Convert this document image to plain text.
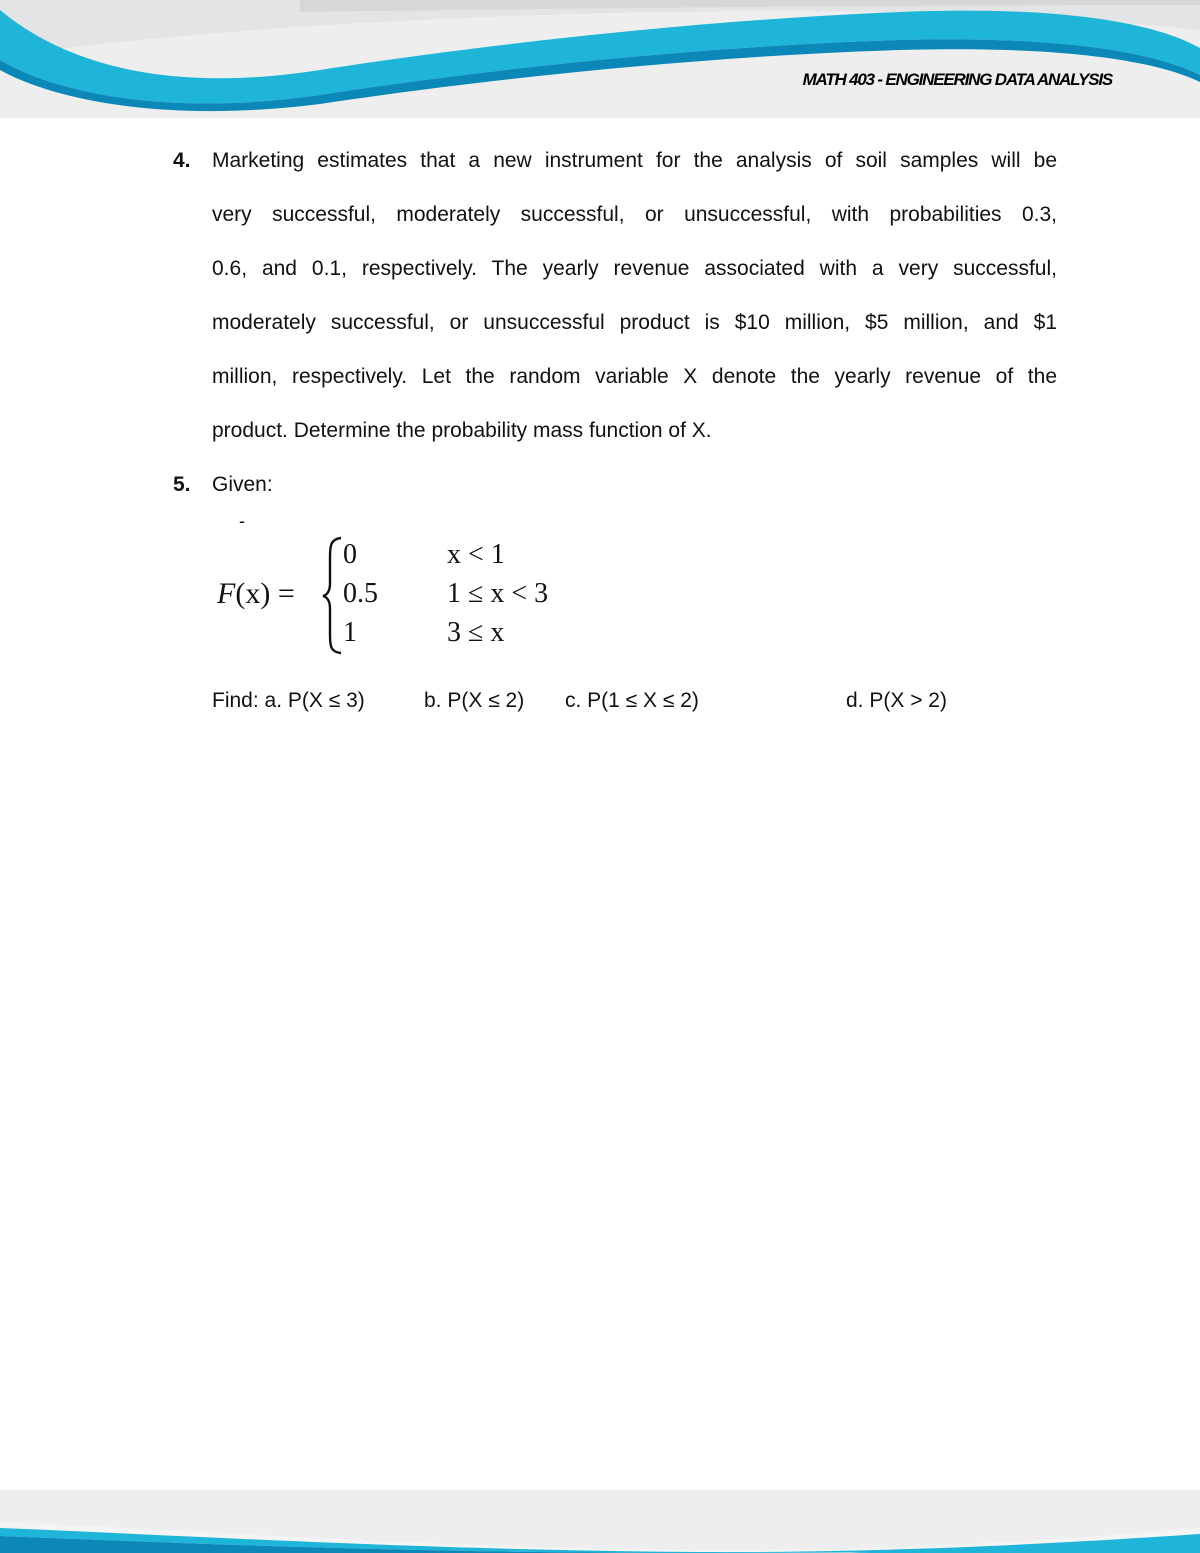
MATH 403 - ENGINEERING DATA ANALYSIS
4. Marketing estimates that a new instrument for the analysis of soil samples will be
very successful, moderately successful, or unsuccessful, with probabilities 0.3,
0.6, and 0.1, respectively. The yearly revenue associated with a very successful,
moderately successful, or unsuccessful product is $10 million, $5 million, and $1
million, respectively. Let the random variable X denote the yearly revenue of the
product. Determine the probability mass function of X.
5. Given:
-
F(x) =
0
0.5
1
x < 1
1 ≤ x < 3
3 ≤ x
Find: a. P(X ≤ 3)	b. P(X ≤ 2) c. P(1 ≤ X ≤ 2)	d. P(X > 2)
